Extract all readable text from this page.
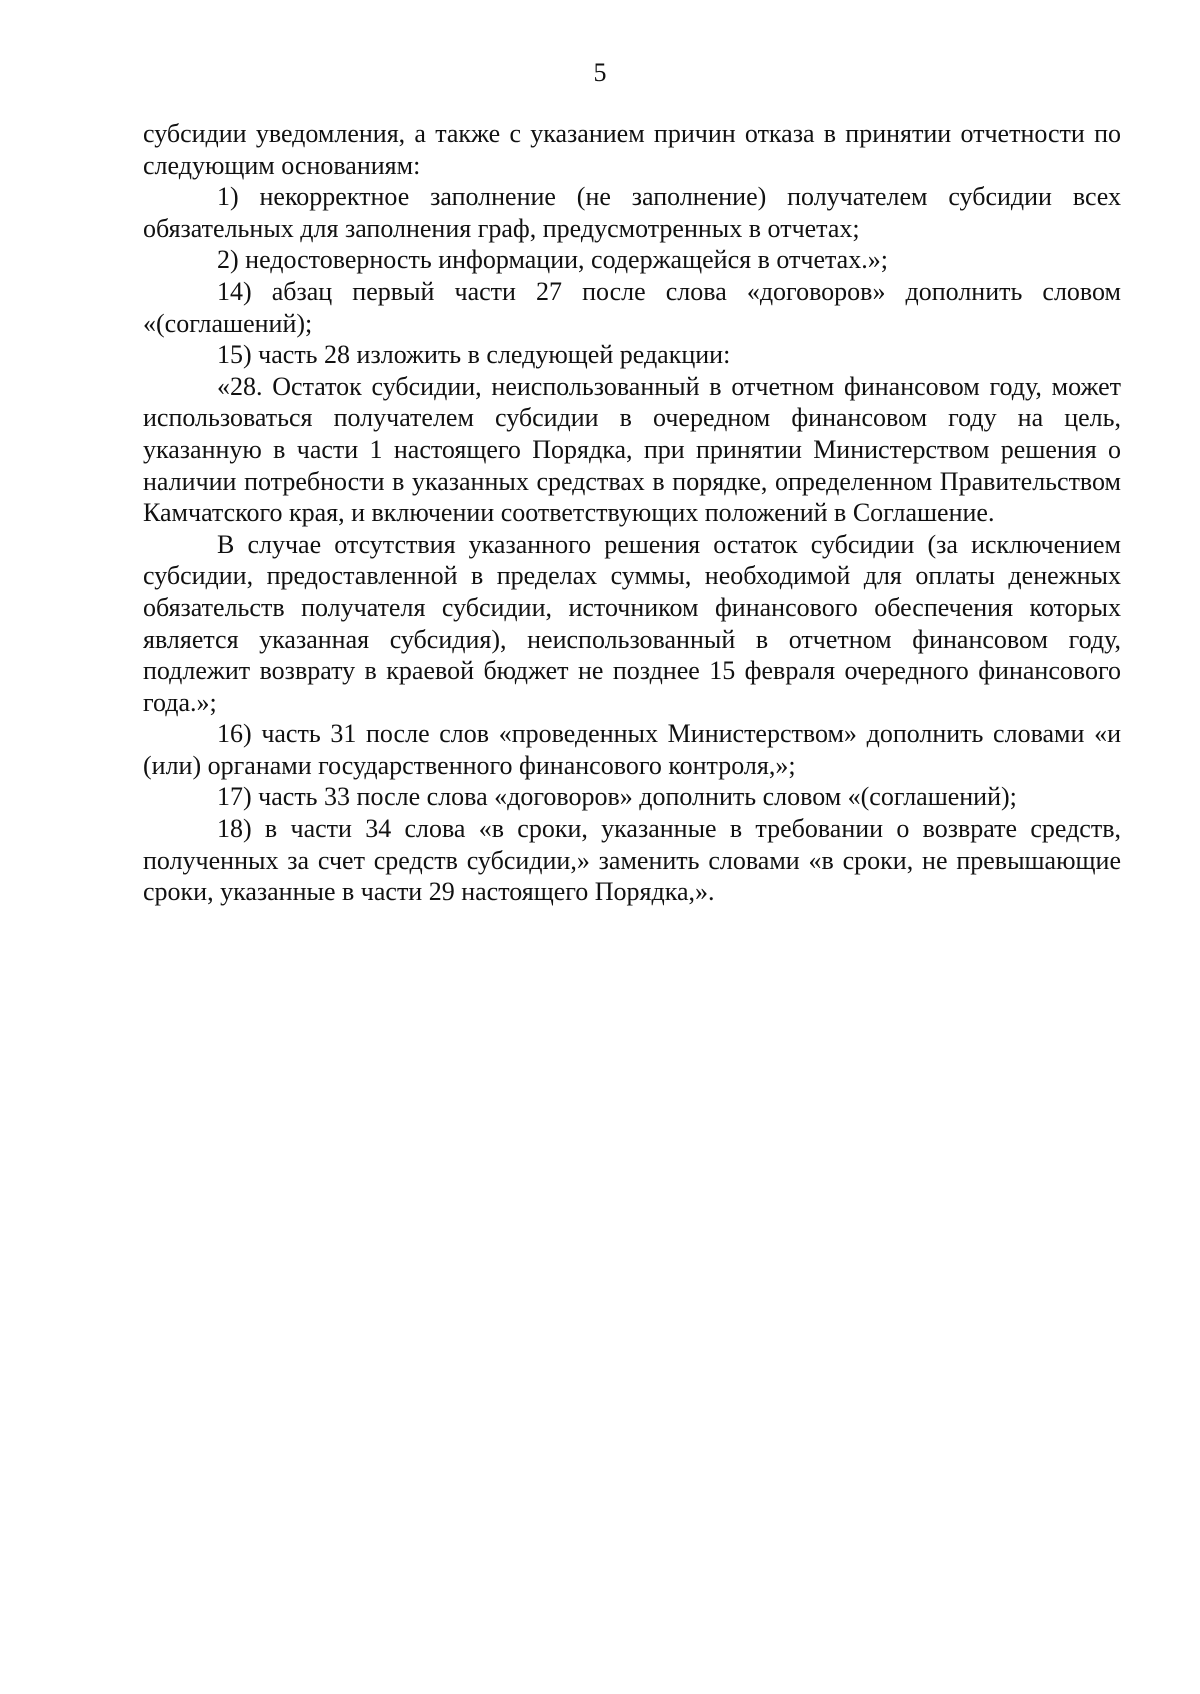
5

субсидии уведомления, а также с указанием причин отказа в принятии отчетности по следующим основаниям:

1) некорректное заполнение (не заполнение) получателем субсидии всех обязательных для заполнения граф, предусмотренных в отчетах;

2) недостоверность информации, содержащейся в отчетах.»;

14) абзац первый части 27 после слова «договоров» дополнить словом «(соглашений);

15) часть 28 изложить в следующей редакции:

«28. Остаток субсидии, неиспользованный в отчетном финансовом году, может использоваться получателем субсидии в очередном финансовом году на цель, указанную в части 1 настоящего Порядка, при принятии Министерством решения о наличии потребности в указанных средствах в порядке, определенном Правительством Камчатского края, и включении соответствующих положений в Соглашение.

В случае отсутствия указанного решения остаток субсидии (за исключением субсидии, предоставленной в пределах суммы, необходимой для оплаты денежных обязательств получателя субсидии, источником финансового обеспечения которых является указанная субсидия), неиспользованный в отчетном финансовом году, подлежит возврату в краевой бюджет не позднее 15 февраля очередного финансового года.»;

16) часть 31 после слов «проведенных Министерством» дополнить словами «и (или) органами государственного финансового контроля,»;

17) часть 33 после слова «договоров» дополнить словом «(соглашений);

18) в части 34 слова «в сроки, указанные в требовании о возврате средств, полученных за счет средств субсидии,» заменить словами «в сроки, не превышающие сроки, указанные в части 29 настоящего Порядка,».
